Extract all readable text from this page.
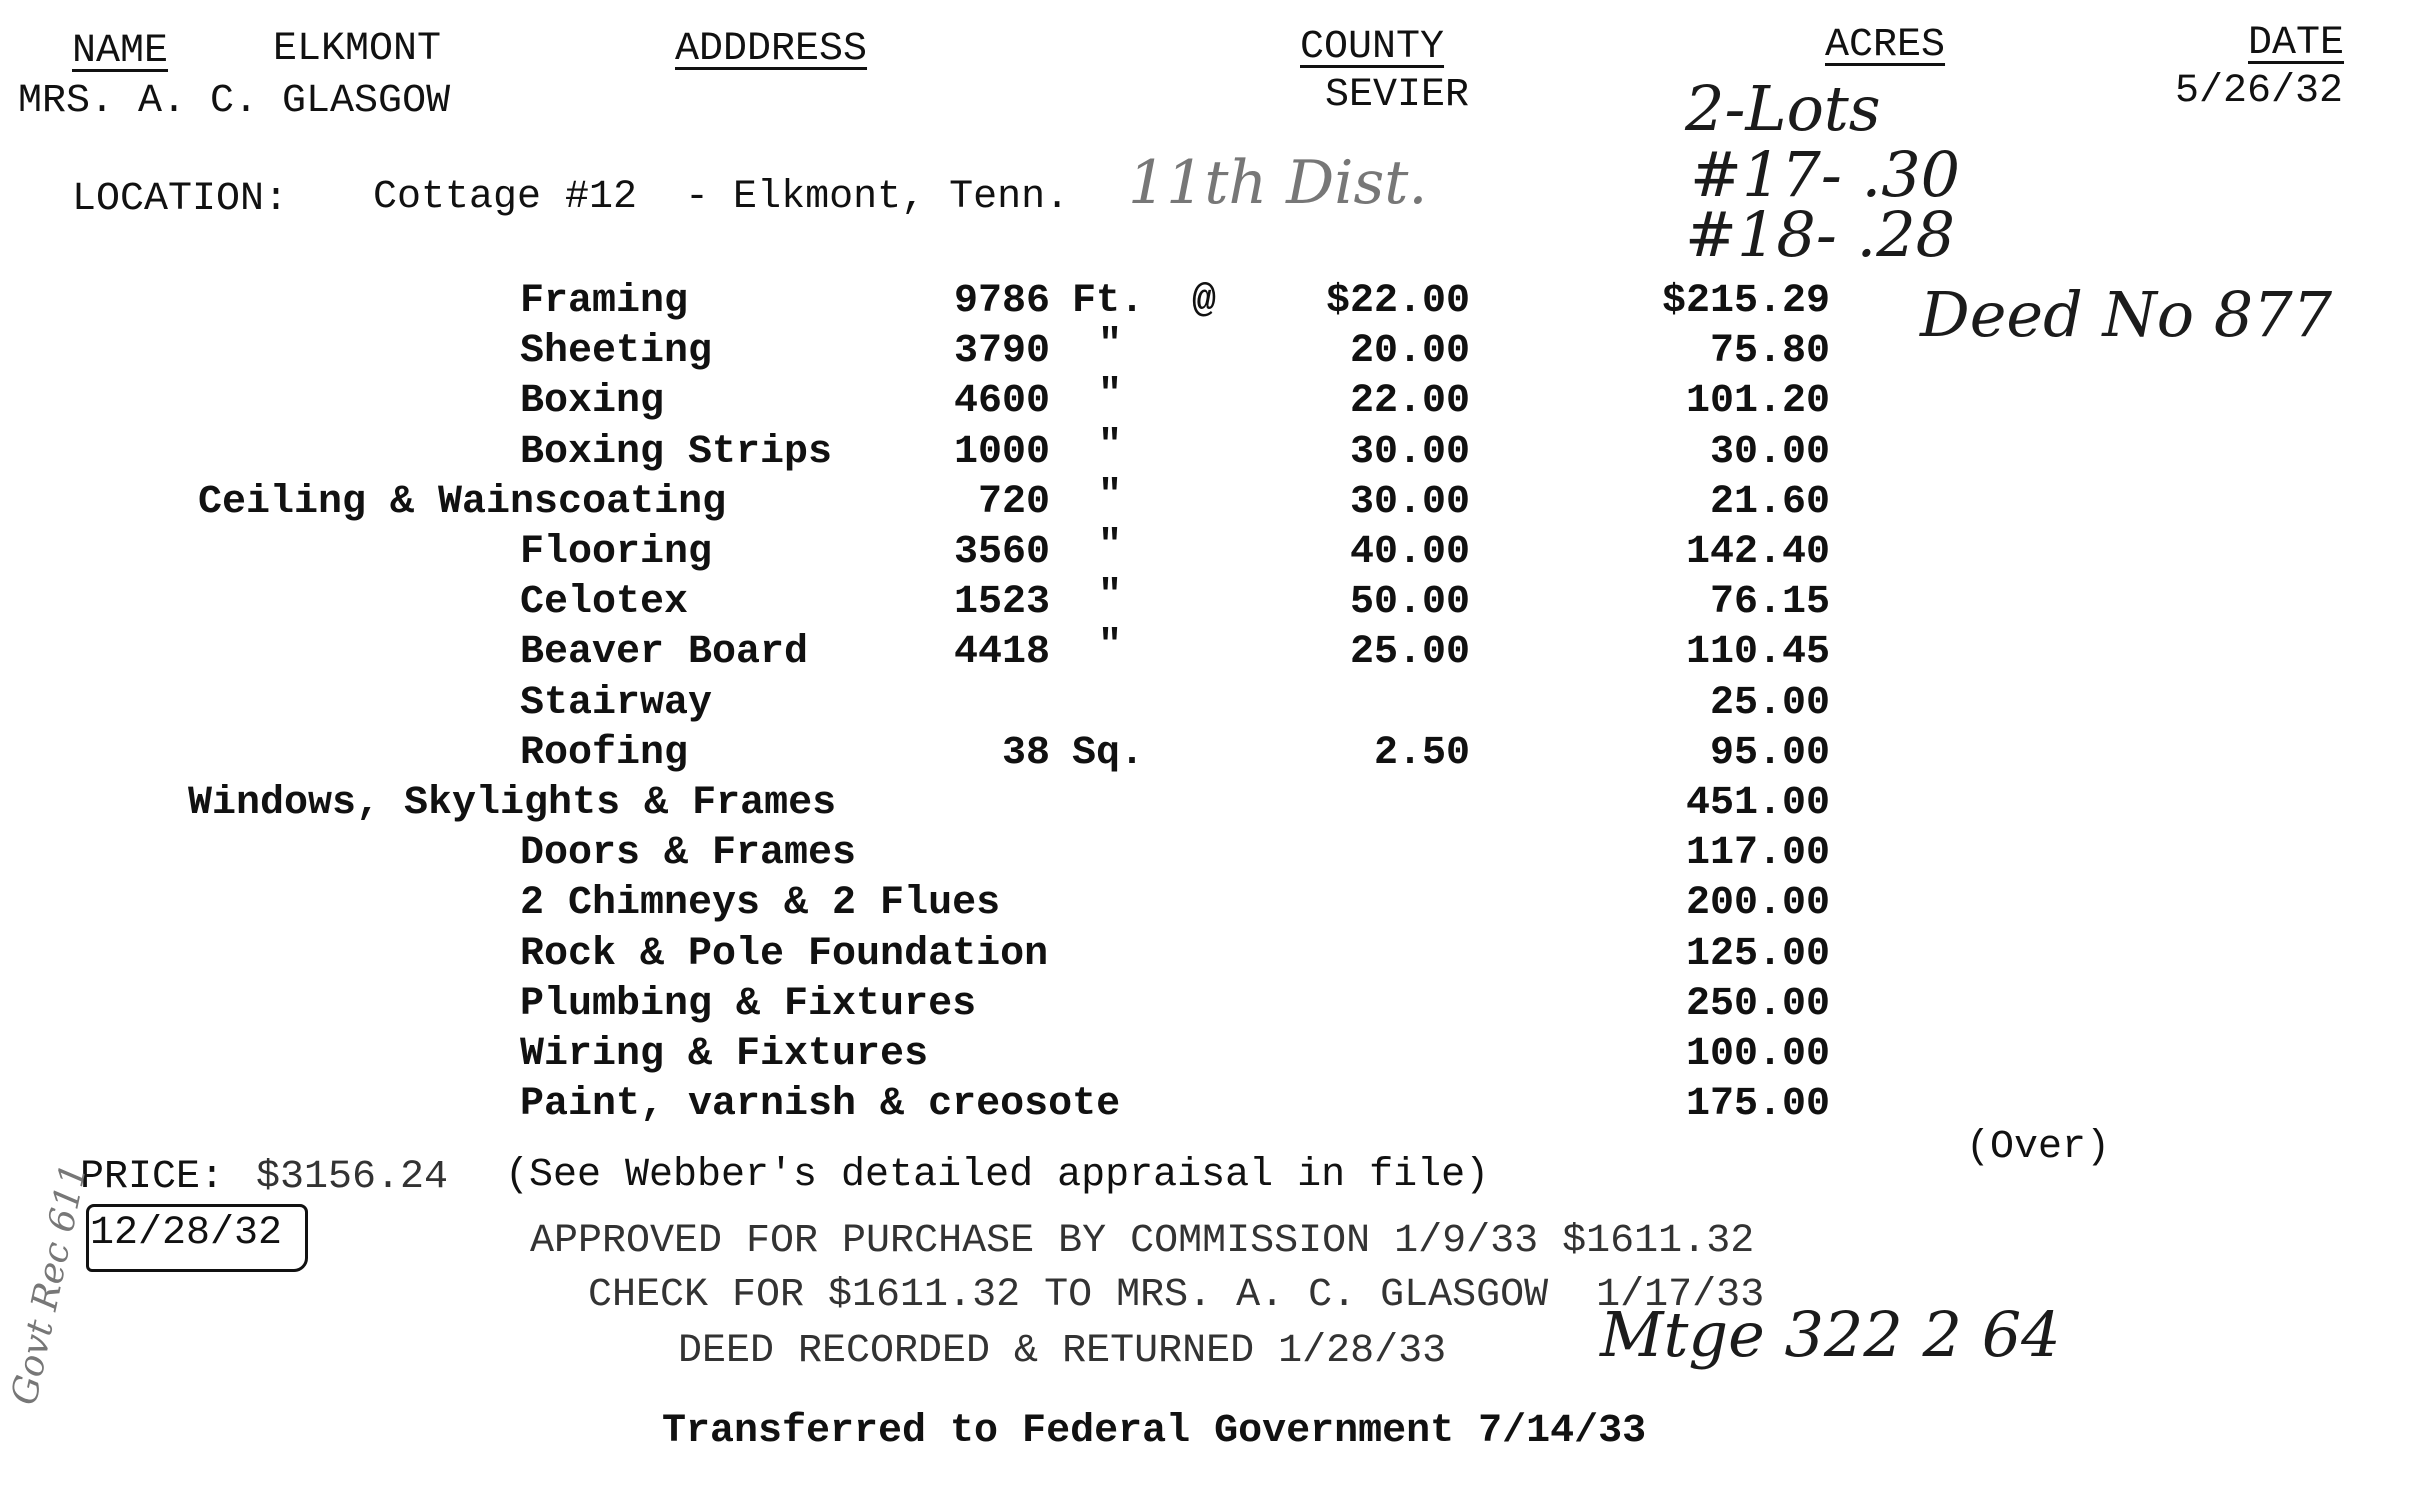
NAME	ELKMONT
MRS. A. C. GLASGOW
ADDDRESS	COUNTY
SEVIER
ACRES	DATE
5/26/32
2-Lots
#17- .30
#18- .28
Deed No 877
LOCATION: Cottage #12  - Elkmont, Tenn. 11th Dist.
Framing	9786 Ft. @	$22.00	$215.29
Sheeting	3790 "	20.00	75.80
Boxing	4600 "	22.00	101.20
Boxing Strips	1000 "	30.00	30.00
Ceiling & Wainscoating	720 "	30.00	21.60
Flooring	3560 "	40.00	142.40
Celotex	1523 "	50.00	76.15
Beaver Board	4418 "	25.00	110.45
Stairway	25.00
Roofing	38 Sq.	2.50	95.00
Windows, Skylights & Frames	451.00
Doors & Frames	117.00
2 Chimneys & 2 Flues	200.00
Rock & Pole Foundation	125.00
Plumbing & Fixtures	250.00
Wiring & Fixtures	100.00
Paint, varnish & creosote	175.00
(Over)
PRICE: $3156.24 (See Webber's detailed appraisal in file)
12/28/32	APPROVED FOR PURCHASE BY COMMISSION 1/9/33 $1611.32
CHECK FOR $1611.32 TO MRS. A. C. GLASGOW  1/17/33
DEED RECORDED & RETURNED 1/28/33 Mtge 322 2 64
Transferred to Federal Government 7/14/33
Govt Rec 611
